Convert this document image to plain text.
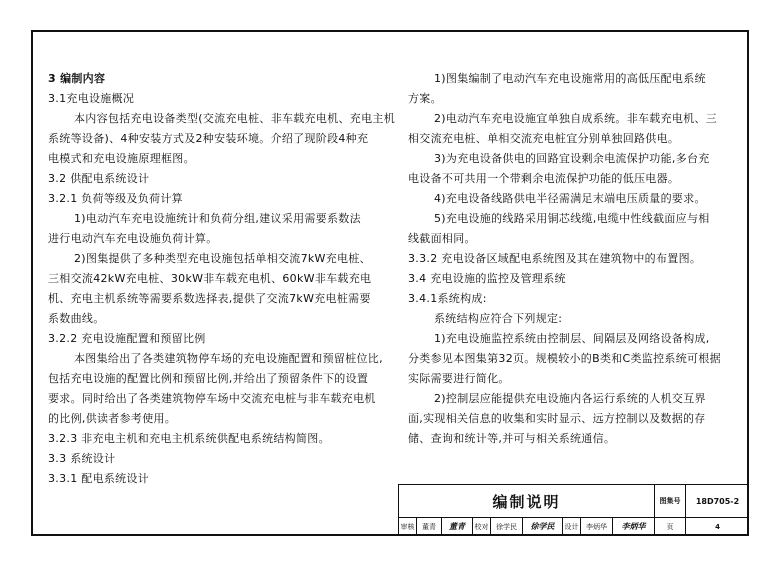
3 编制内容
3.1充电设施概况
本内容包括充电设备类型(交流充电桩、非车载充电机、充电主机
系统等设备)、4种安装方式及2种安装环境。介绍了现阶段4种充
电模式和充电设施原理框图。
3.2 供配电系统设计
3.2.1 负荷等级及负荷计算
1)电动汽车充电设施统计和负荷分组,建议采用需要系数法
进行电动汽车充电设施负荷计算。
2)图集提供了多种类型充电设施包括单相交流7kW充电桩、
三相交流42kW充电桩、30kW非车载充电机、60kW非车载充电
机、充电主机系统等需要系数选择表,提供了交流7kW充电桩需要
系数曲线。
3.2.2 充电设施配置和预留比例
本图集给出了各类建筑物停车场的充电设施配置和预留桩位比,
包括充电设施的配置比例和预留比例,并给出了预留条件下的设置
要求。同时给出了各类建筑物停车场中交流充电桩与非车载充电机
的比例,供读者参考使用。
3.2.3 非充电主机和充电主机系统供配电系统结构简图。
3.3 系统设计
3.3.1 配电系统设计
1)图集编制了电动汽车充电设施常用的高低压配电系统
方案。
2)电动汽车充电设施宜单独自成系统。非车载充电机、三
相交流充电桩、单相交流充电桩宜分别单独回路供电。
3)为充电设备供电的回路宜设剩余电流保护功能,多台充
电设备不可共用一个带剩余电流保护功能的低压电器。
4)充电设备线路供电半径需满足末端电压质量的要求。
5)充电设施的线路采用铜芯线缆,电缆中性线截面应与相
线截面相同。
3.3.2 充电设备区域配电系统图及其在建筑物中的布置图。
3.4 充电设施的监控及管理系统
3.4.1系统构成:
系统结构应符合下列规定:
1)充电设施监控系统由控制层、间隔层及网络设备构成,
分类参见本图集第32页。规模较小的B类和C类监控系统可根据
实际需要进行简化。
2)控制层应能提供充电设施内各运行系统的人机交互界
面,实现相关信息的收集和实时显示、远方控制以及数据的存
储、查询和统计等,并可与相关系统通信。
编制说明	图集号	18D705-2
审核	董青	董青	校对	徐学民	徐学民	设计	李炳华	李炳华	页	4
